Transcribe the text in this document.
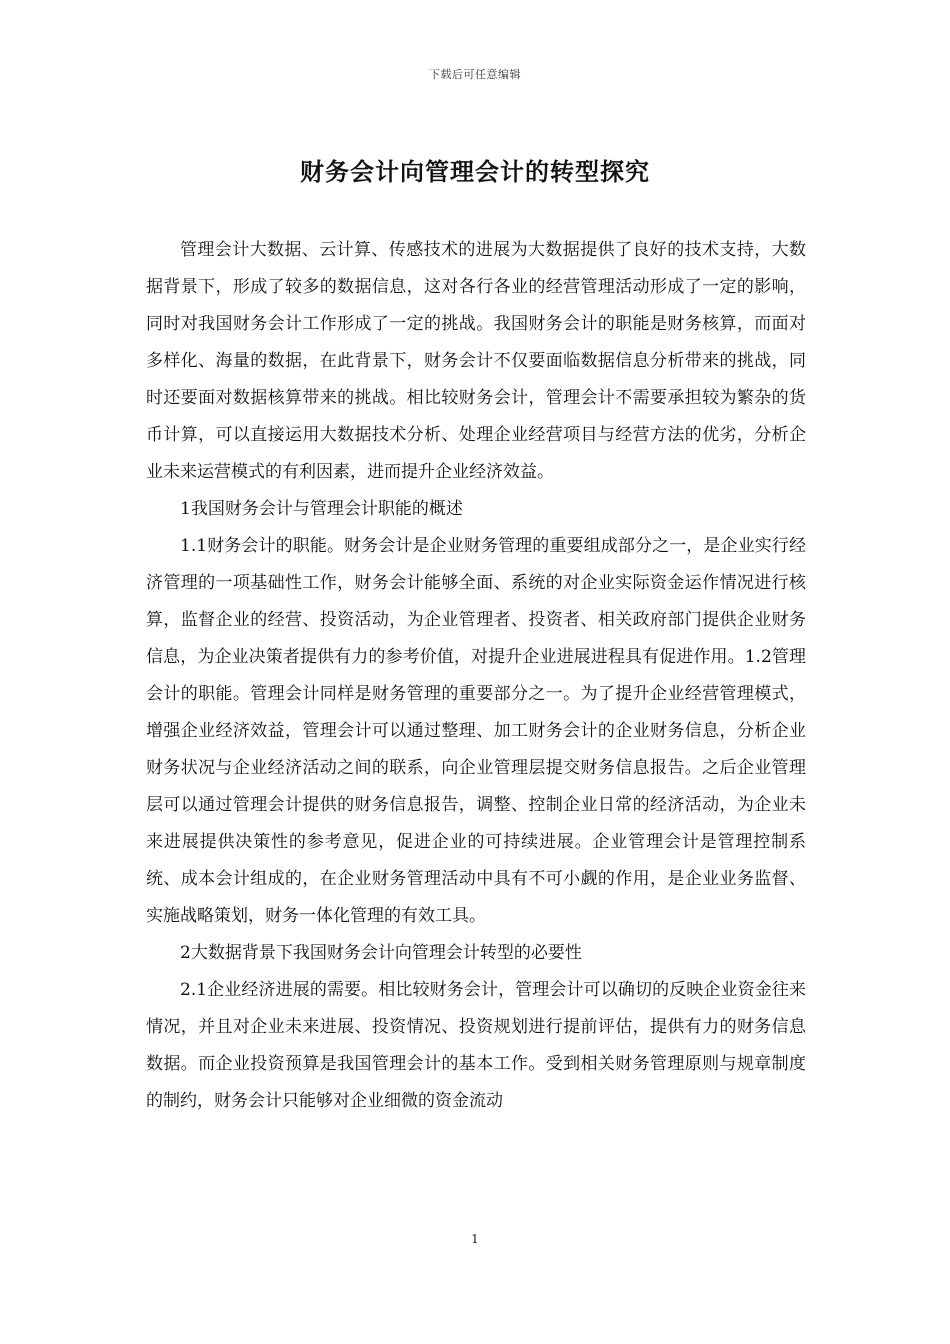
下载后可任意编辑
财务会计向管理会计的转型探究

管理会计大数据、云计算、传感技术的进展为大数据提供了良好的技术支持，大数据背景下，形成了较多的数据信息，这对各行各业的经营管理活动形成了一定的影响，同时对我国财务会计工作形成了一定的挑战。我国财务会计的职能是财务核算，而面对多样化、海量的数据，在此背景下，财务会计不仅要面临数据信息分析带来的挑战，同时还要面对数据核算带来的挑战。相比较财务会计，管理会计不需要承担较为繁杂的货币计算，可以直接运用大数据技术分析、处理企业经营项目与经营方法的优劣，分析企业未来运营模式的有利因素，进而提升企业经济效益。

1我国财务会计与管理会计职能的概述

1.1财务会计的职能。财务会计是企业财务管理的重要组成部分之一，是企业实行经济管理的一项基础性工作，财务会计能够全面、系统的对企业实际资金运作情况进行核算，监督企业的经营、投资活动，为企业管理者、投资者、相关政府部门提供企业财务信息，为企业决策者提供有力的参考价值，对提升企业进展进程具有促进作用。1.2管理会计的职能。管理会计同样是财务管理的重要部分之一。为了提升企业经营管理模式，增强企业经济效益，管理会计可以通过整理、加工财务会计的企业财务信息，分析企业财务状况与企业经济活动之间的联系，向企业管理层提交财务信息报告。之后企业管理层可以通过管理会计提供的财务信息报告，调整、控制企业日常的经济活动，为企业未来进展提供决策性的参考意见，促进企业的可持续进展。企业管理会计是管理控制系统、成本会计组成的，在企业财务管理活动中具有不可小觑的作用，是企业业务监督、实施战略策划，财务一体化管理的有效工具。

2大数据背景下我国财务会计向管理会计转型的必要性

2.1企业经济进展的需要。相比较财务会计，管理会计可以确切的反映企业资金往来情况，并且对企业未来进展、投资情况、投资规划进行提前评估，提供有力的财务信息数据。而企业投资预算是我国管理会计的基本工作。受到相关财务管理原则与规章制度的制约，财务会计只能够对企业细微的资金流动

1
